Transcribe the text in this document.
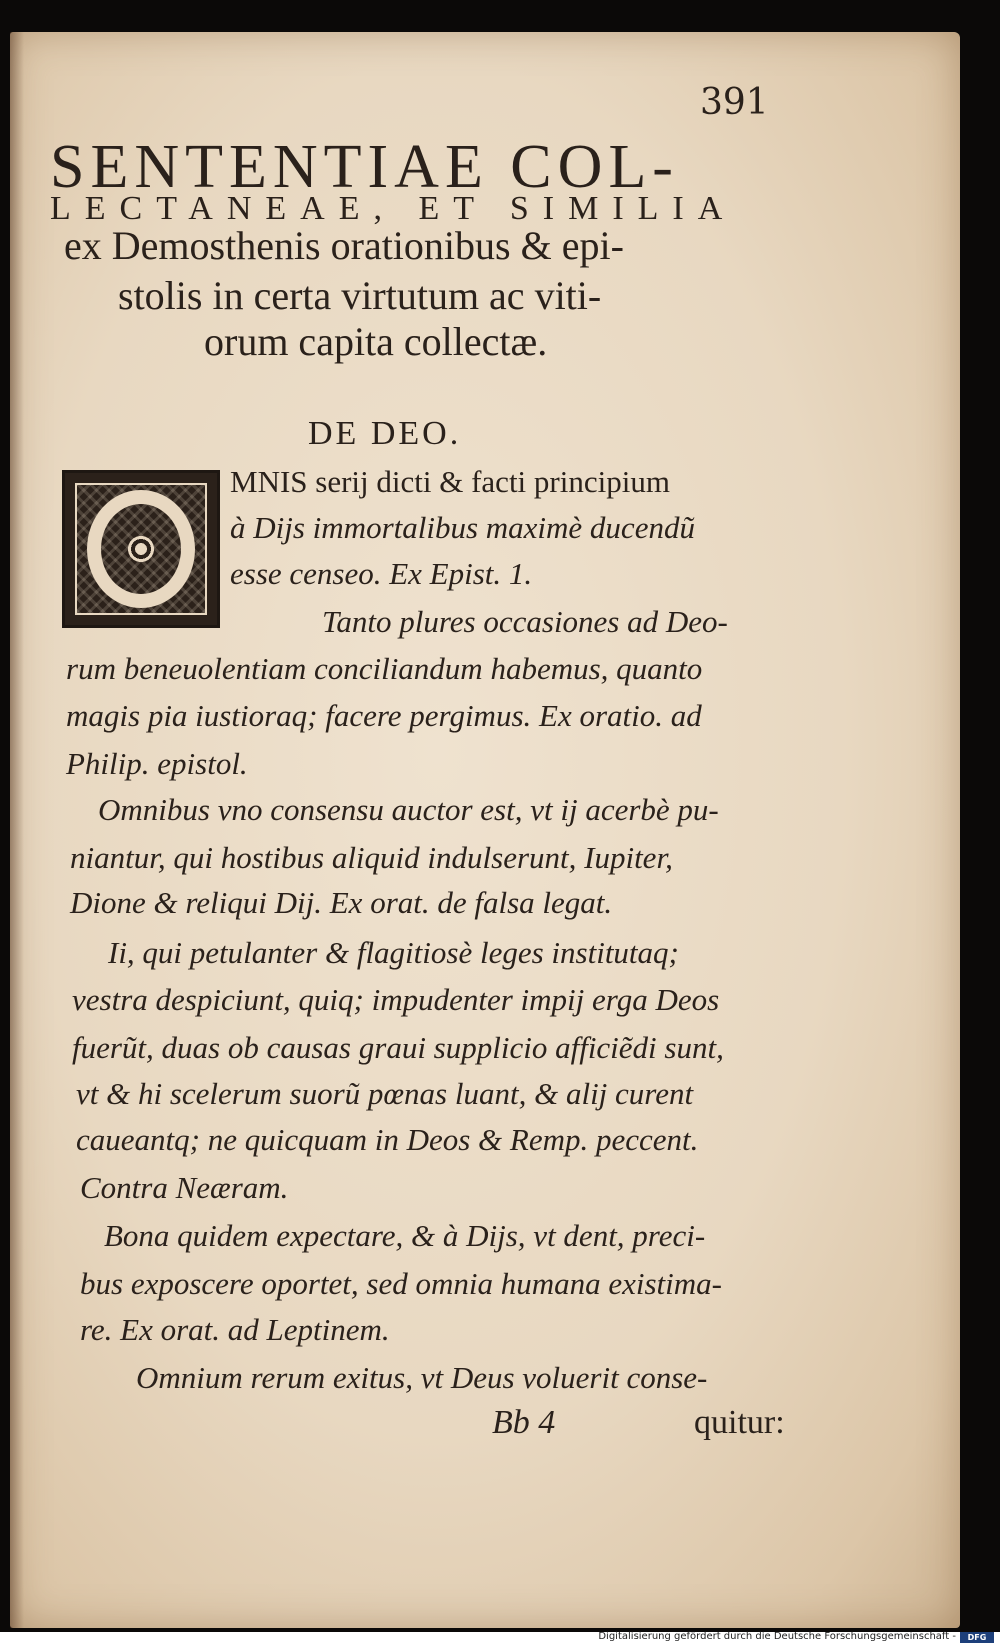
391
SENTENTIAE COL-
LECTANEAE, ET SIMILIA
ex Demosthenis orationibus & epi-
stolis in certa virtutum ac viti-
orum capita collectæ.
DE DEO.
MNIS serij dicti & facti principium
à Dijs immortalibus maximè ducendũ
esse censeo. Ex Epist. 1.
Tanto plures occasiones ad Deo-
rum beneuolentiam conciliandum habemus, quanto
magis pia iustioraq; facere pergimus. Ex oratio. ad
Philip. epistol.
Omnibus vno consensu auctor est, vt ij acerbè pu-
niantur, qui hostibus aliquid indulserunt, Iupiter,
Dione & reliqui Dij. Ex orat. de falsa legat.
Ii, qui petulanter & flagitiosè leges institutaq;
vestra despiciunt, quiq; impudenter impij erga Deos
fuerũt, duas ob causas graui supplicio afficiẽdi sunt,
vt & hi scelerum suorũ pœnas luant, & alij curent
caueantq; ne quicquam in Deos & Remp. peccent.
Contra Neæram.
Bona quidem expectare, & à Dijs, vt dent, preci-
bus exposcere oportet, sed omnia humana existima-
re. Ex orat. ad Leptinem.
Omnium rerum exitus, vt Deus voluerit conse-
Bb 4	quitur:
Digitalisierung gefördert durch die Deutsche Forschungsgemeinschaft -	DFG
